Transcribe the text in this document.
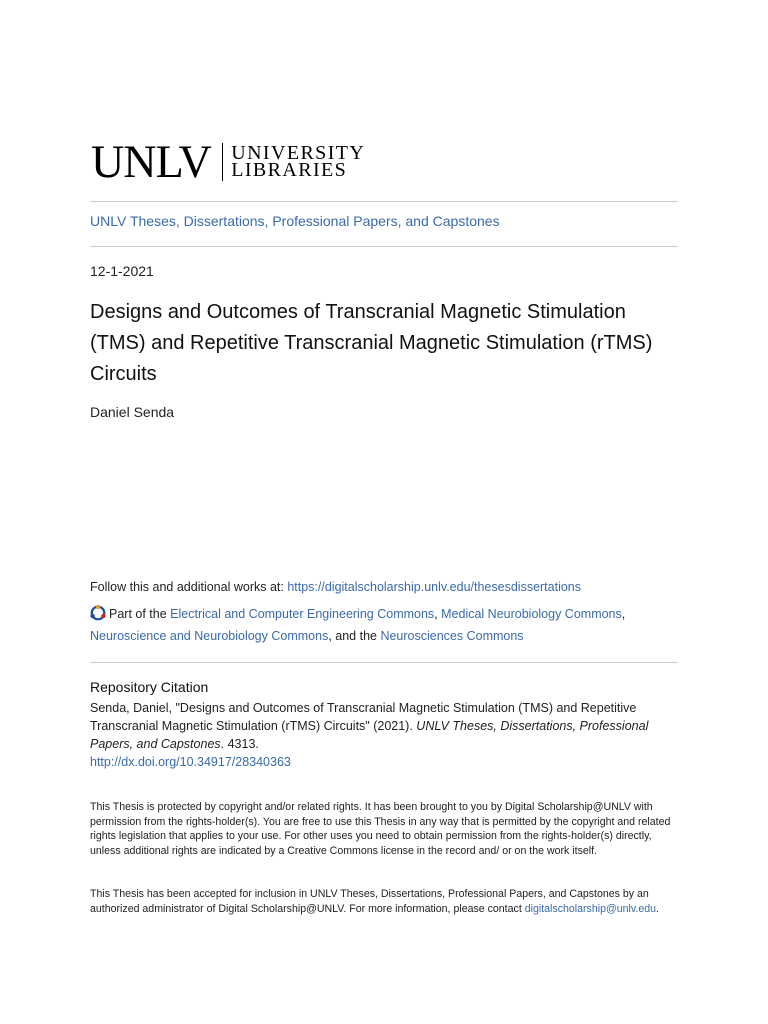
UNLV UNIVERSITY
LIBRARIES
UNLV Theses, Dissertations, Professional Papers, and Capstones
12-1-2021
Designs and Outcomes of Transcranial Magnetic Stimulation (TMS) and Repetitive Transcranial Magnetic Stimulation (rTMS) Circuits
Daniel Senda
Follow this and additional works at: https://digitalscholarship.unlv.edu/thesesdissertations
Part of the Electrical and Computer Engineering Commons, Medical Neurobiology Commons,
Neuroscience and Neurobiology Commons, and the Neurosciences Commons
Repository Citation
Senda, Daniel, "Designs and Outcomes of Transcranial Magnetic Stimulation (TMS) and Repetitive Transcranial Magnetic Stimulation (rTMS) Circuits" (2021). UNLV Theses, Dissertations, Professional Papers, and Capstones. 4313.
http://dx.doi.org/10.34917/28340363
This Thesis is protected by copyright and/or related rights. It has been brought to you by Digital Scholarship@UNLV with permission from the rights-holder(s). You are free to use this Thesis in any way that is permitted by the copyright and related rights legislation that applies to your use. For other uses you need to obtain permission from the rights-holder(s) directly, unless additional rights are indicated by a Creative Commons license in the record and/ or on the work itself.
This Thesis has been accepted for inclusion in UNLV Theses, Dissertations, Professional Papers, and Capstones by an authorized administrator of Digital Scholarship@UNLV. For more information, please contact digitalscholarship@unlv.edu.
